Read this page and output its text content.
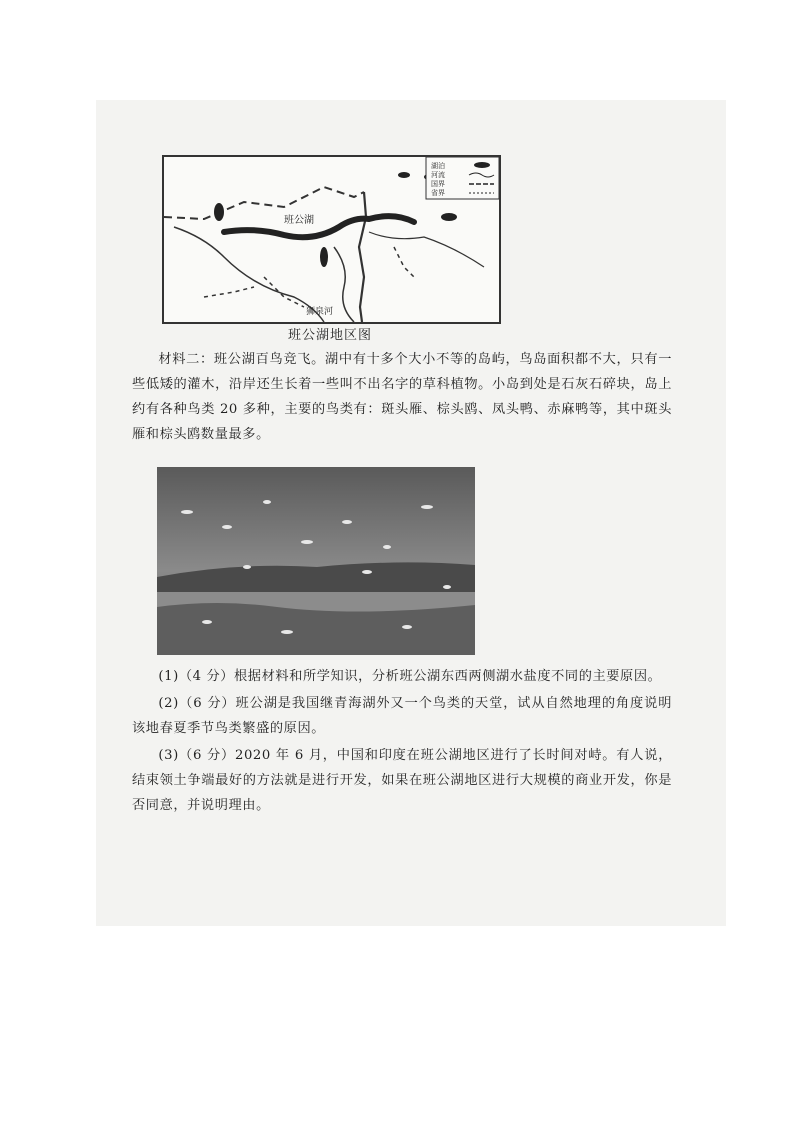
湖泊
河流
国界
省界
班公湖
狮泉河
班公湖地区图
材料二：班公湖百鸟竞飞。湖中有十多个大小不等的岛屿，鸟岛面积都不大，只有一些低矮的灌木，沿岸还生长着一些叫不出名字的草科植物。小岛到处是石灰石碎块，岛上约有各种鸟类 20 多种，主要的鸟类有：斑头雁、棕头鸥、凤头鸭、赤麻鸭等，其中斑头雁和棕头鸥数量最多。
(1)（4 分）根据材料和所学知识，分析班公湖东西两侧湖水盐度不同的主要原因。
(2)（6 分）班公湖是我国继青海湖外又一个鸟类的天堂，试从自然地理的角度说明该地春夏季节鸟类繁盛的原因。
(3)（6 分）2020 年 6 月，中国和印度在班公湖地区进行了长时间对峙。有人说，结束领土争端最好的方法就是进行开发，如果在班公湖地区进行大规模的商业开发，你是否同意，并说明理由。
